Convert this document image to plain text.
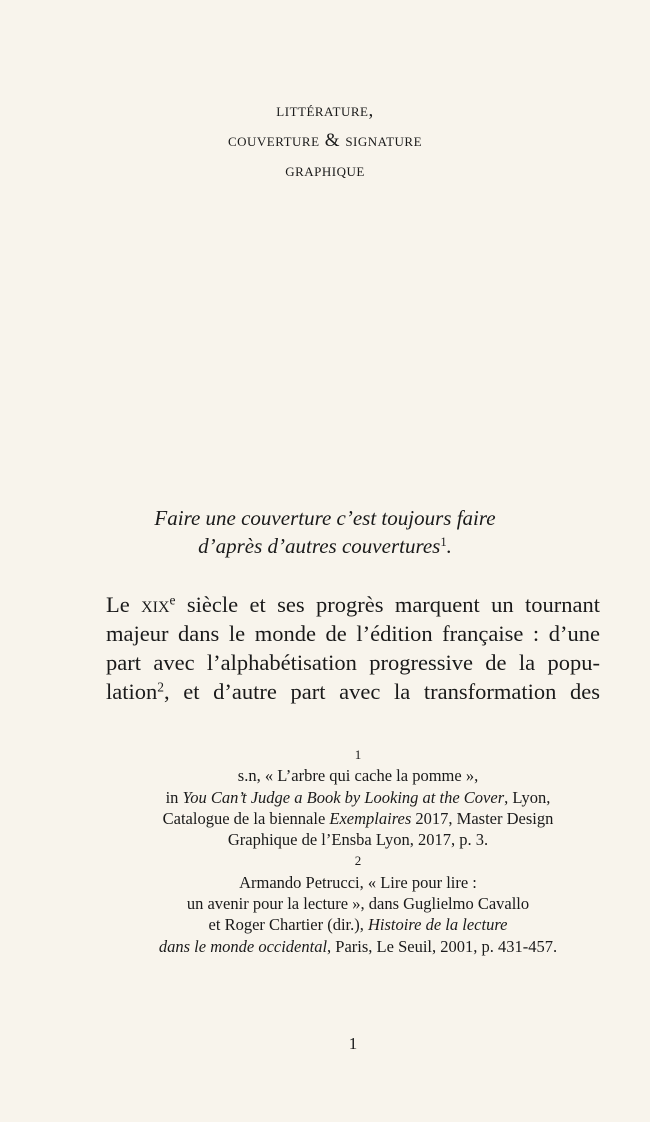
littérature,
couverture & signature
graphique
Faire une couverture c’est toujours faire
d’après d’autres couvertures$^1$.
Le xix$^e$ siècle et ses progrès marquent un tournant
majeur dans le monde de l’édition française : d’une
part avec l’alphabétisation progressive de la popu-
lation$^2$, et d’autre part avec la transformation des
1
s.n, « L’arbre qui cache la pomme »,
in You Can’t Judge a Book by Looking at the Cover, Lyon,
Catalogue de la biennale Exemplaires 2017, Master Design
Graphique de l’Ensba Lyon, 2017, p. 3.
2
Armando Petrucci, « Lire pour lire :
un avenir pour la lecture », dans Guglielmo Cavallo
et Roger Chartier (dir.), Histoire de la lecture
dans le monde occidental, Paris, Le Seuil, 2001, p. 431-457.
1
